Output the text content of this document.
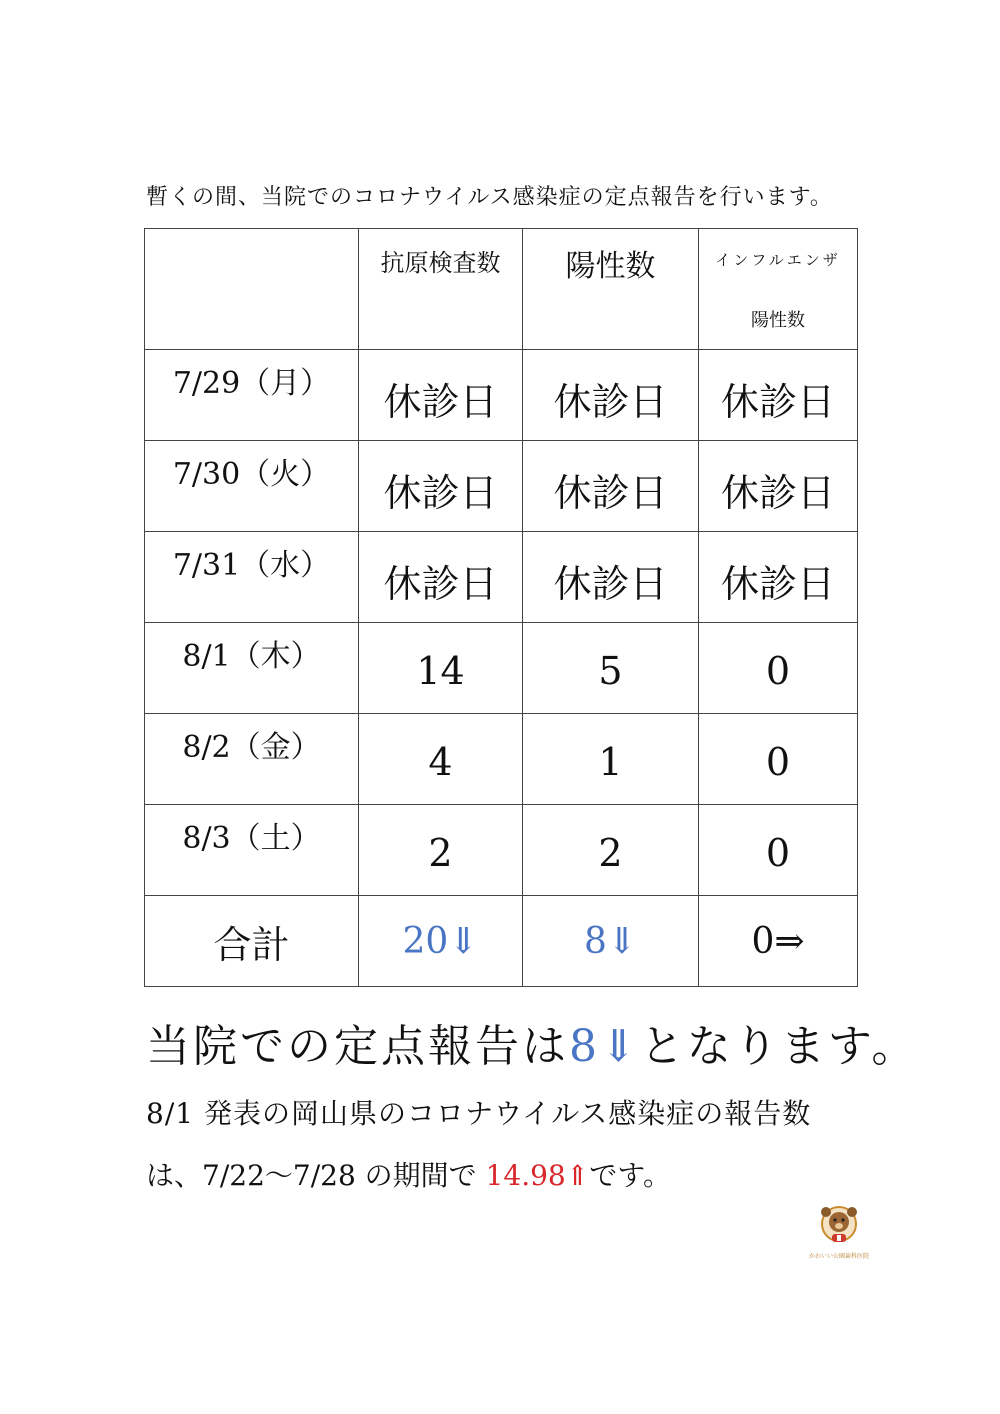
暫くの間、当院でのコロナウイルス感染症の定点報告を行います。

	抗原検査数	陽性数	インフルエンザ
陽性数

7/29（月）	休診日	休診日	休診日

7/30（火）	休診日	休診日	休診日

7/31（水）	休診日	休診日	休診日

8/1（木）	14	5	0

8/2（金）	4	1	0

8/3（土）	2	2	0

合計	20⇓	8⇓	0⇒
当院での定点報告は8⇓となります。
8/1 発表の岡山県のコロナウイルス感染症の報告数
は、7/22～7/28 の期間で 14.98⇑です。
かわいい公園歯科医院
